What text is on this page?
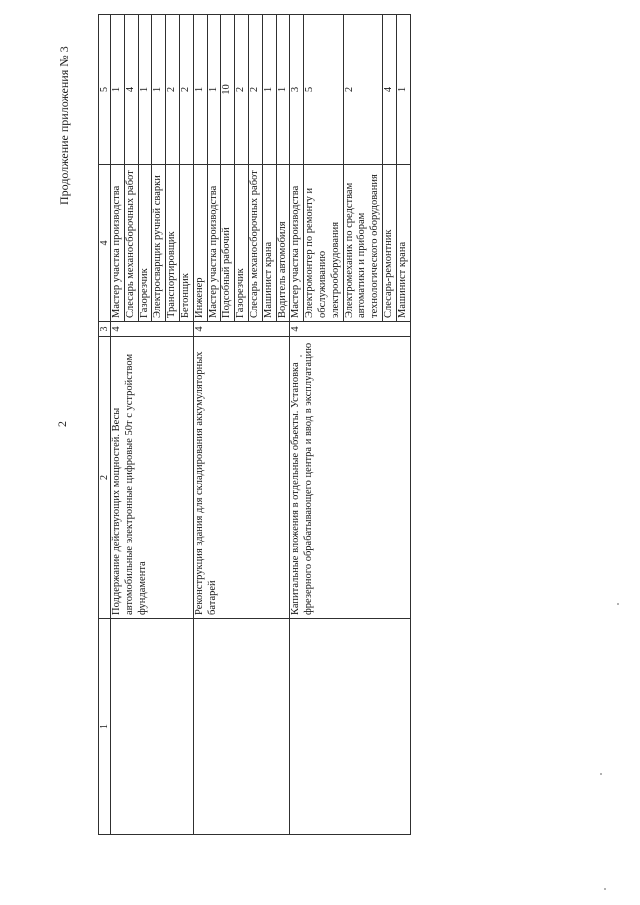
Продолжение приложения № 3
2
1	2	3	4	5
	Поддержание действующих мощностей. Весы автомобильные электронные цифровые 50т с устройством фундамента	4	Мастер участка производства	1
			Слесарь механосборочных работ	4
			Газорезчик	1
			Электросварщик ручной сварки	1
			Транспортировщик	2
			Бетонщик	2
	Реконструкция здания для складирования аккумуляторных батарей	4	Инженер	1
			Мастер участка производства	1
			Подсобный рабочий	10
			Газорезчик	2
			Слесарь механосборочных работ	2
			Машинист крана	1
			Водитель автомобиля	1
	Капитальные вложения в отдельные объекты. Установка фрезерного обрабатывающего центра и ввод в эксплуатацию	4	Мастер участка производства	3
			Электромонтер по ремонту и обслуживанию электрооборудования	5
			Электромеханик по средствам автоматики и приборам технологического оборудования	2
			Слесарь-ремонтник	4
			Машинист крана	1
